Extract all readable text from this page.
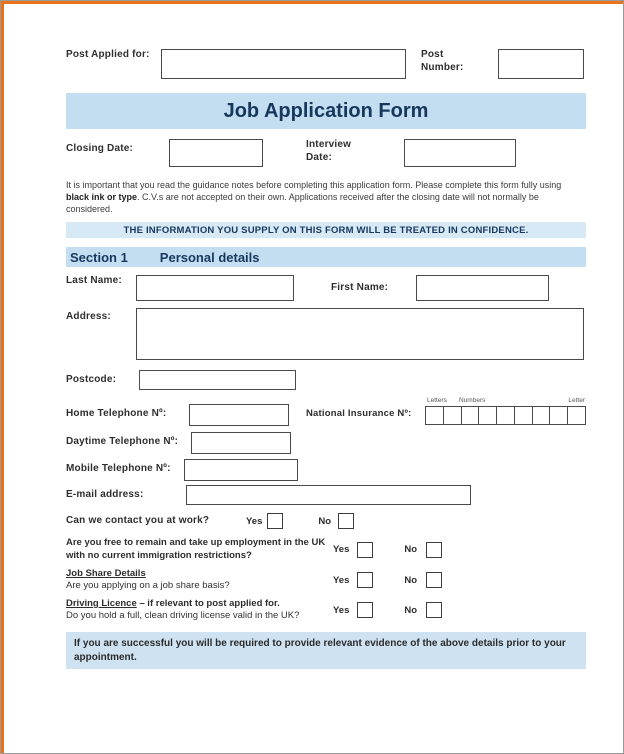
Post Applied for:	Post Number:
Job Application Form
Closing Date:	Interview Date:
It is important that you read the guidance notes before completing this application form. Please complete this form fully using black ink or type. C.V.s are not accepted on their own. Applications received after the closing date will not normally be considered.
THE INFORMATION YOU SUPPLY ON THIS FORM WILL BE TREATED IN CONFIDENCE.
Section 1 Personal details
Last Name:
First Name:
Address:
Postcode:
Home Telephone Nº:	National Insurance Nº:
Letters Numbers	Letter
Daytime Telephone Nº:
Mobile Telephone Nº:
E-mail address:
Can we contact you at work?	Yes	No
Are you free to remain and take up employment in the UK with no current immigration restrictions?	Yes	No
Job Share Details
Are you applying on a job share basis?	Yes	No
Driving Licence – if relevant to post applied for.
Do you hold a full, clean driving license valid in the UK?	Yes	No
If you are successful you will be required to provide relevant evidence of the above details prior to your appointment.
